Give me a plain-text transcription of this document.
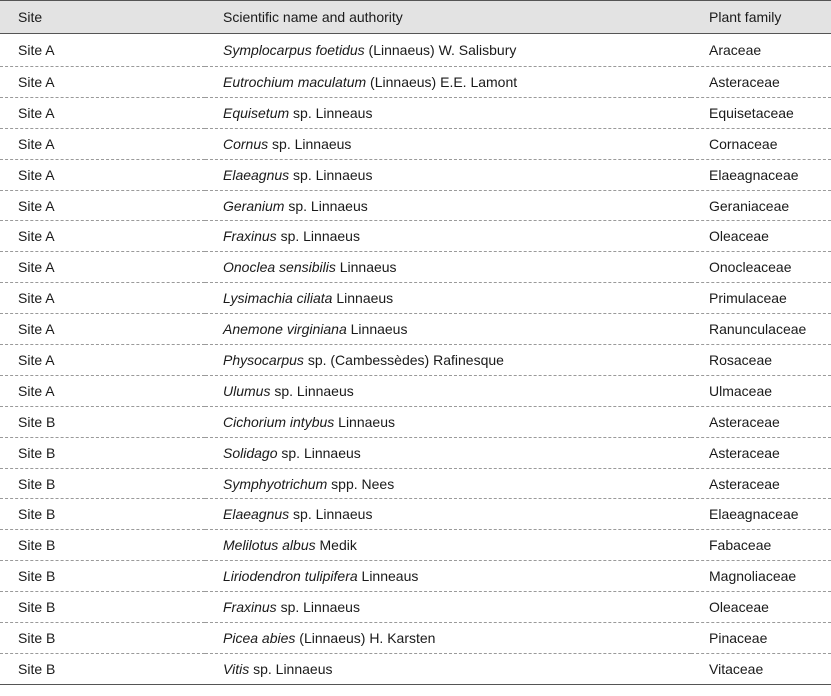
Site	Scientific name and authority	Plant family
Site A	Symplocarpus foetidus (Linnaeus) W. Salisbury	Araceae
Site A	Eutrochium maculatum (Linnaeus) E.E. Lamont	Asteraceae
Site A	Equisetum sp. Linneaus	Equisetaceae
Site A	Cornus sp. Linnaeus	Cornaceae
Site A	Elaeagnus sp. Linnaeus	Elaeagnaceae
Site A	Geranium sp. Linnaeus	Geraniaceae
Site A	Fraxinus sp. Linnaeus	Oleaceae
Site A	Onoclea sensibilis Linnaeus	Onocleaceae
Site A	Lysimachia ciliata Linnaeus	Primulaceae
Site A	Anemone virginiana Linnaeus	Ranunculaceae
Site A	Physocarpus sp. (Cambessèdes) Rafinesque	Rosaceae
Site A	Ulumus sp. Linnaeus	Ulmaceae
Site B	Cichorium intybus Linnaeus	Asteraceae
Site B	Solidago sp. Linnaeus	Asteraceae
Site B	Symphyotrichum spp. Nees	Asteraceae
Site B	Elaeagnus sp. Linnaeus	Elaeagnaceae
Site B	Melilotus albus Medik	Fabaceae
Site B	Liriodendron tulipifera Linneaus	Magnoliaceae
Site B	Fraxinus sp. Linnaeus	Oleaceae
Site B	Picea abies (Linnaeus) H. Karsten	Pinaceae
Site B	Vitis sp. Linnaeus	Vitaceae
